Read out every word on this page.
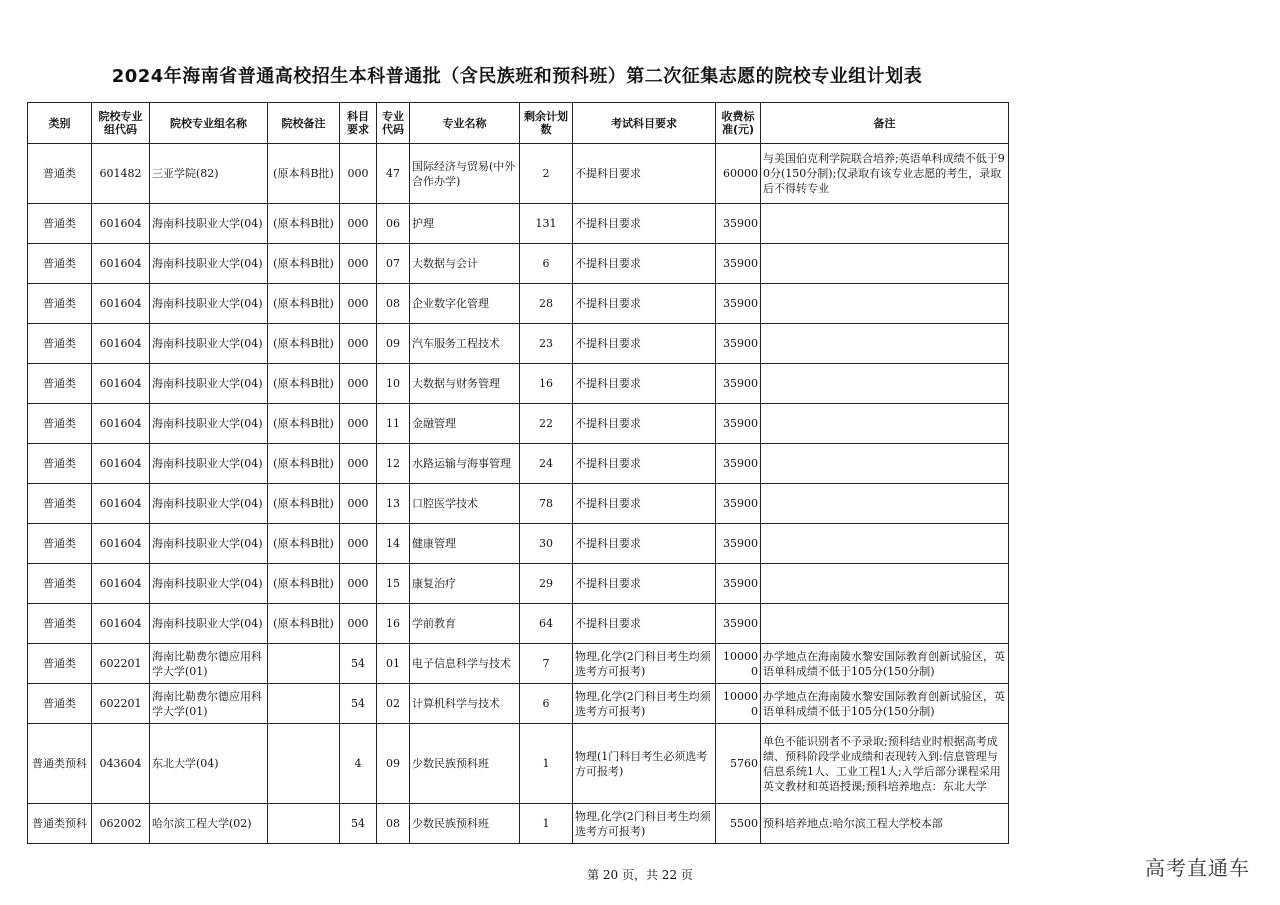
2024年海南省普通高校招生本科普通批（含民族班和预科班）第二次征集志愿的院校专业组计划表
类别	院校专业组代码	院校专业组名称	院校备注	科目要求	专业代码	专业名称	剩余计划数	考试科目要求	收费标准(元)	备注
普通类	601482	三亚学院(82)	(原本科B批)	000	47	国际经济与贸易(中外合作办学)	2	不提科目要求	60000	与美国伯克利学院联合培养;英语单科成绩不低于90分(150分制);仅录取有该专业志愿的考生，录取后不得转专业
普通类	601604	海南科技职业大学(04)	(原本科B批)	000	06	护理	131	不提科目要求	35900	
普通类	601604	海南科技职业大学(04)	(原本科B批)	000	07	大数据与会计	6	不提科目要求	35900	
普通类	601604	海南科技职业大学(04)	(原本科B批)	000	08	企业数字化管理	28	不提科目要求	35900	
普通类	601604	海南科技职业大学(04)	(原本科B批)	000	09	汽车服务工程技术	23	不提科目要求	35900	
普通类	601604	海南科技职业大学(04)	(原本科B批)	000	10	大数据与财务管理	16	不提科目要求	35900	
普通类	601604	海南科技职业大学(04)	(原本科B批)	000	11	金融管理	22	不提科目要求	35900	
普通类	601604	海南科技职业大学(04)	(原本科B批)	000	12	水路运输与海事管理	24	不提科目要求	35900	
普通类	601604	海南科技职业大学(04)	(原本科B批)	000	13	口腔医学技术	78	不提科目要求	35900	
普通类	601604	海南科技职业大学(04)	(原本科B批)	000	14	健康管理	30	不提科目要求	35900	
普通类	601604	海南科技职业大学(04)	(原本科B批)	000	15	康复治疗	29	不提科目要求	35900	
普通类	601604	海南科技职业大学(04)	(原本科B批)	000	16	学前教育	64	不提科目要求	35900	
普通类	602201	海南比勒费尔德应用科学大学(01)		54	01	电子信息科学与技术	7	物理,化学(2门科目考生均须选考方可报考)	100000	办学地点在海南陵水黎安国际教育创新试验区，英语单科成绩不低于105分(150分制)
普通类	602201	海南比勒费尔德应用科学大学(01)		54	02	计算机科学与技术	6	物理,化学(2门科目考生均须选考方可报考)	100000	办学地点在海南陵水黎安国际教育创新试验区，英语单科成绩不低于105分(150分制)
普通类预科	043604	东北大学(04)		4	09	少数民族预科班	1	物理(1门科目考生必须选考方可报考)	5760	单色不能识别者不予录取;预科结业时根据高考成绩、预科阶段学业成绩和表现转入到:信息管理与信息系统1人、工业工程1人;入学后部分课程采用英文教材和英语授课;预科培养地点：东北大学
普通类预科	062002	哈尔滨工程大学(02)		54	08	少数民族预科班	1	物理,化学(2门科目考生均须选考方可报考)	5500	预科培养地点:哈尔滨工程大学校本部
第 20 页，共 22 页	高考直通车
